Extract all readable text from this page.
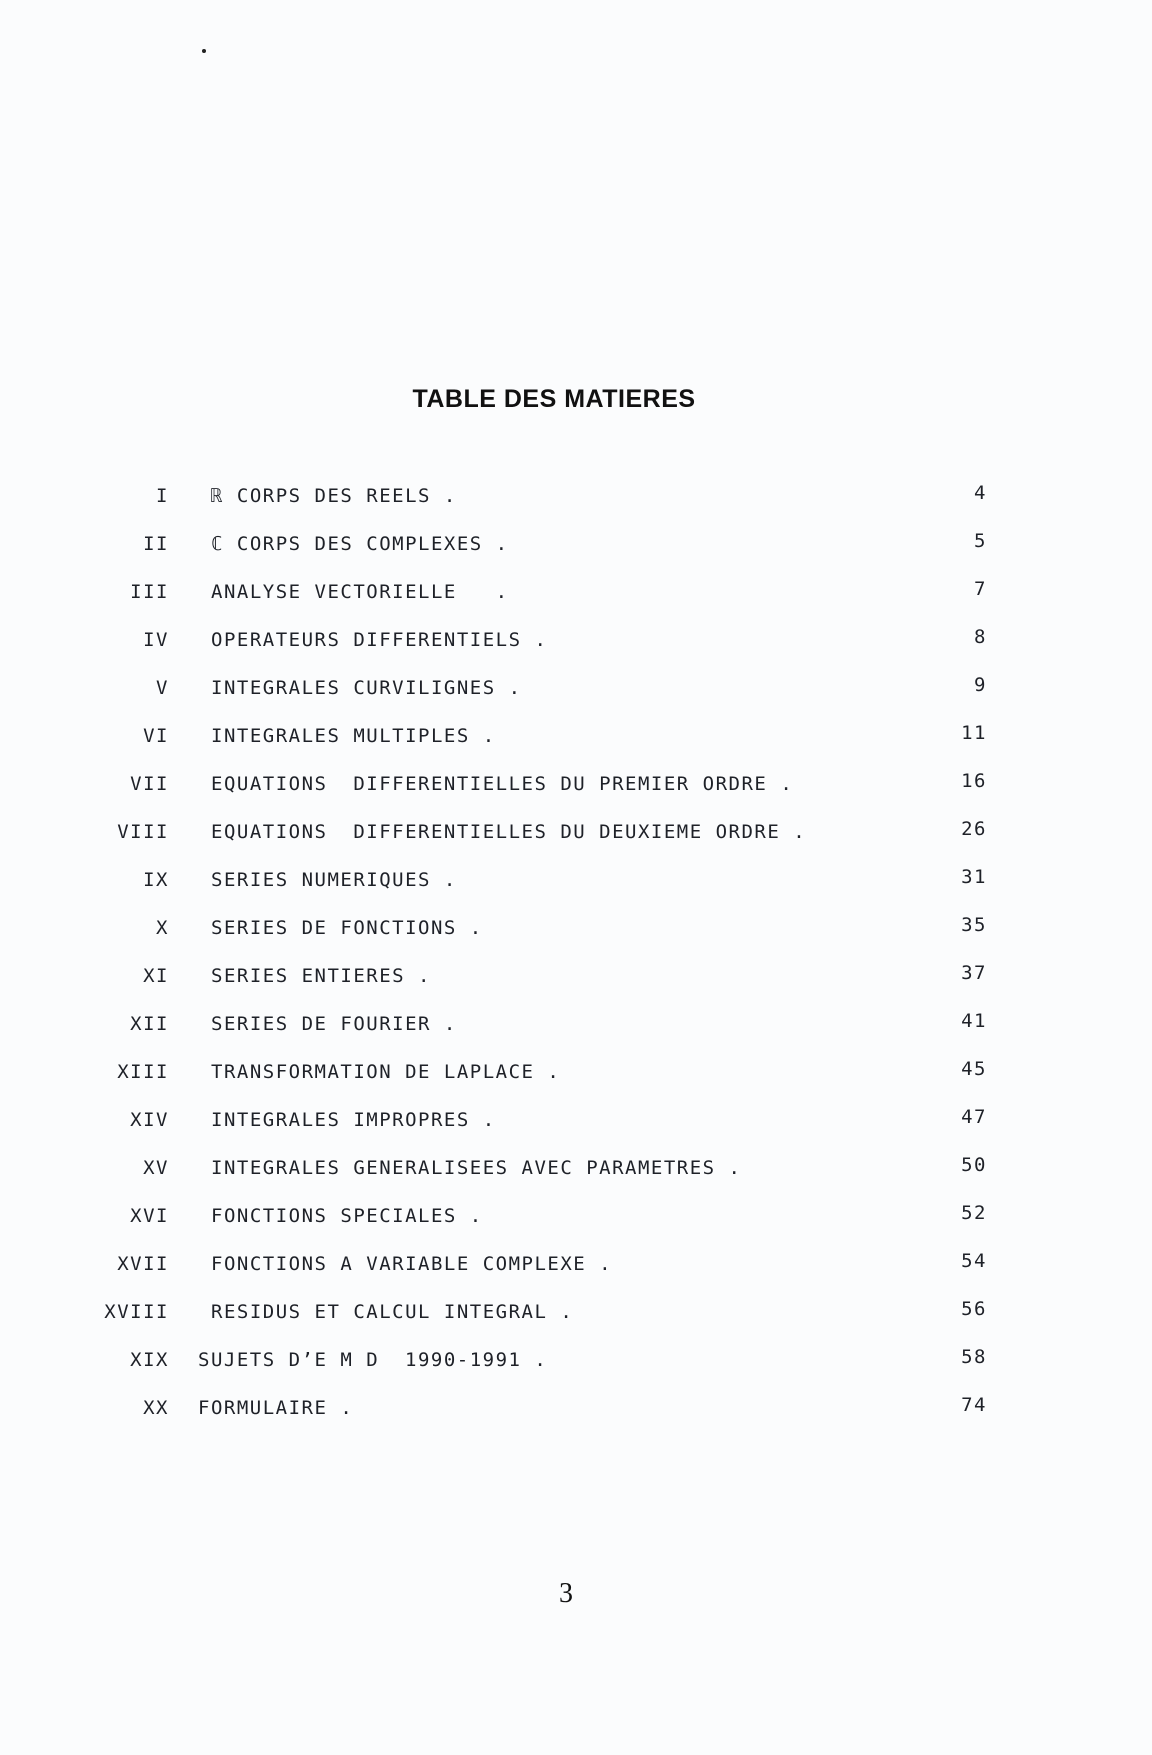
TABLE DES MATIERES
I ℝ CORPS DES REELS .	4
II ℂ CORPS DES COMPLEXES .	5
III ANALYSE VECTORIELLE   .	7
IV OPERATEURS DIFFERENTIELS .	8
V INTEGRALES CURVILIGNES .	9
VI INTEGRALES MULTIPLES .	11
VII EQUATIONS  DIFFERENTIELLES DU PREMIER ORDRE .	16
VIII EQUATIONS  DIFFERENTIELLES DU DEUXIEME ORDRE .	26
IX SERIES NUMERIQUES .	31
X SERIES DE FONCTIONS .	35
XI SERIES ENTIERES .	37
XII SERIES DE FOURIER .	41
XIII TRANSFORMATION DE LAPLACE .	45
XIV INTEGRALES IMPROPRES .	47
XV INTEGRALES GENERALISEES AVEC PARAMETRES .	50
XVI FONCTIONS SPECIALES .	52
XVII FONCTIONS A VARIABLE COMPLEXE .	54
XVIII RESIDUS ET CALCUL INTEGRAL .	56
XIX SUJETS D’E M D  1990-1991 .	58
XX FORMULAIRE .	74
3
